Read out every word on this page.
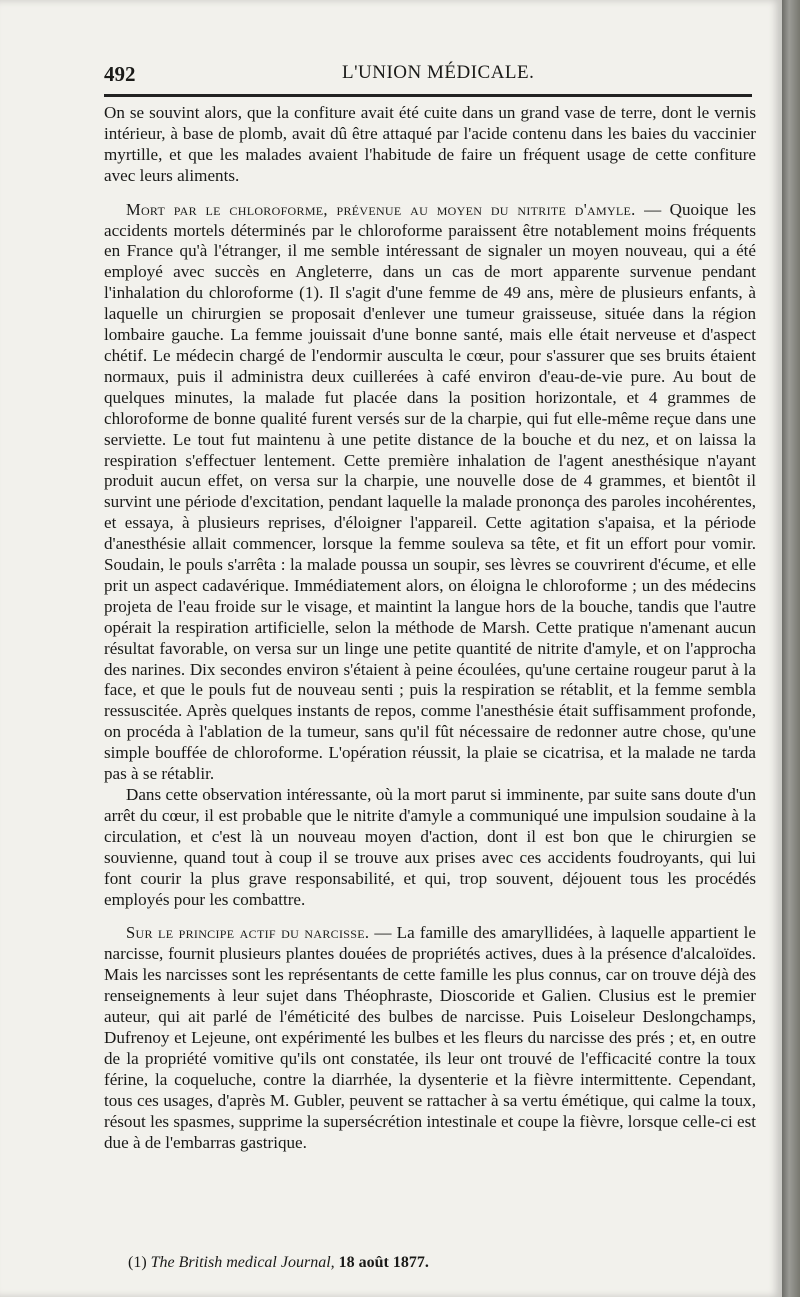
492	L'UNION MÉDICALE.

On se souvint alors, que la confiture avait été cuite dans un grand vase de terre, dont le vernis intérieur, à base de plomb, avait dû être attaqué par l'acide contenu dans les baies du vaccinier myrtille, et que les malades avaient l'habitude de faire un fréquent usage de cette confiture avec leurs aliments.

Mort par le chloroforme, prévenue au moyen du nitrite d'amyle. — Quoique les accidents mortels déterminés par le chloroforme paraissent être notablement moins fréquents en France qu'à l'étranger, il me semble intéressant de signaler un moyen nouveau, qui a été employé avec succès en Angleterre, dans un cas de mort apparente survenue pendant l'inhalation du chloroforme (1). Il s'agit d'une femme de 49 ans, mère de plusieurs enfants, à laquelle un chirurgien se proposait d'enlever une tumeur graisseuse, située dans la région lombaire gauche. La femme jouissait d'une bonne santé, mais elle était nerveuse et d'aspect chétif. Le médecin chargé de l'endormir ausculta le cœur, pour s'assurer que ses bruits étaient normaux, puis il administra deux cuillerées à café environ d'eau-de-vie pure. Au bout de quelques minutes, la malade fut placée dans la position horizontale, et 4 grammes de chloroforme de bonne qualité furent versés sur de la charpie, qui fut elle-même reçue dans une serviette. Le tout fut maintenu à une petite distance de la bouche et du nez, et on laissa la respiration s'effectuer lentement. Cette première inhalation de l'agent anesthésique n'ayant produit aucun effet, on versa sur la charpie, une nouvelle dose de 4 grammes, et bientôt il survint une période d'excitation, pendant laquelle la malade prononça des paroles incohérentes, et essaya, à plusieurs reprises, d'éloigner l'appareil. Cette agitation s'apaisa, et la période d'anesthésie allait commencer, lorsque la femme souleva sa tête, et fit un effort pour vomir. Soudain, le pouls s'arrêta : la malade poussa un soupir, ses lèvres se couvrirent d'écume, et elle prit un aspect cadavérique. Immédiatement alors, on éloigna le chloroforme ; un des médecins projeta de l'eau froide sur le visage, et maintint la langue hors de la bouche, tandis que l'autre opérait la respiration artificielle, selon la méthode de Marsh. Cette pratique n'amenant aucun résultat favorable, on versa sur un linge une petite quantité de nitrite d'amyle, et on l'approcha des narines. Dix secondes environ s'étaient à peine écoulées, qu'une certaine rougeur parut à la face, et que le pouls fut de nouveau senti ; puis la respiration se rétablit, et la femme sembla ressuscitée. Après quelques instants de repos, comme l'anesthésie était suffisamment profonde, on procéda à l'ablation de la tumeur, sans qu'il fût nécessaire de redonner autre chose, qu'une simple bouffée de chloroforme. L'opération réussit, la plaie se cicatrisa, et la malade ne tarda pas à se rétablir.

Dans cette observation intéressante, où la mort parut si imminente, par suite sans doute d'un arrêt du cœur, il est probable que le nitrite d'amyle a communiqué une impulsion soudaine à la circulation, et c'est là un nouveau moyen d'action, dont il est bon que le chirurgien se souvienne, quand tout à coup il se trouve aux prises avec ces accidents foudroyants, qui lui font courir la plus grave responsabilité, et qui, trop souvent, déjouent tous les procédés employés pour les combattre.

Sur le principe actif du narcisse. — La famille des amaryllidées, à laquelle appartient le narcisse, fournit plusieurs plantes douées de propriétés actives, dues à la présence d'alcaloïdes. Mais les narcisses sont les représentants de cette famille les plus connus, car on trouve déjà des renseignements à leur sujet dans Théophraste, Dioscoride et Galien. Clusius est le premier auteur, qui ait parlé de l'éméticité des bulbes de narcisse. Puis Loiseleur Deslongchamps, Dufrenoy et Lejeune, ont expérimenté les bulbes et les fleurs du narcisse des prés ; et, en outre de la propriété vomitive qu'ils ont constatée, ils leur ont trouvé de l'efficacité contre la toux férine, la coqueluche, contre la diarrhée, la dysenterie et la fièvre intermittente. Cependant, tous ces usages, d'après M. Gubler, peuvent se rattacher à sa vertu émétique, qui calme la toux, résout les spasmes, supprime la supersécrétion intestinale et coupe la fièvre, lorsque celle-ci est due à de l'embarras gastrique.

(1) The British medical Journal, 18 août 1877.
